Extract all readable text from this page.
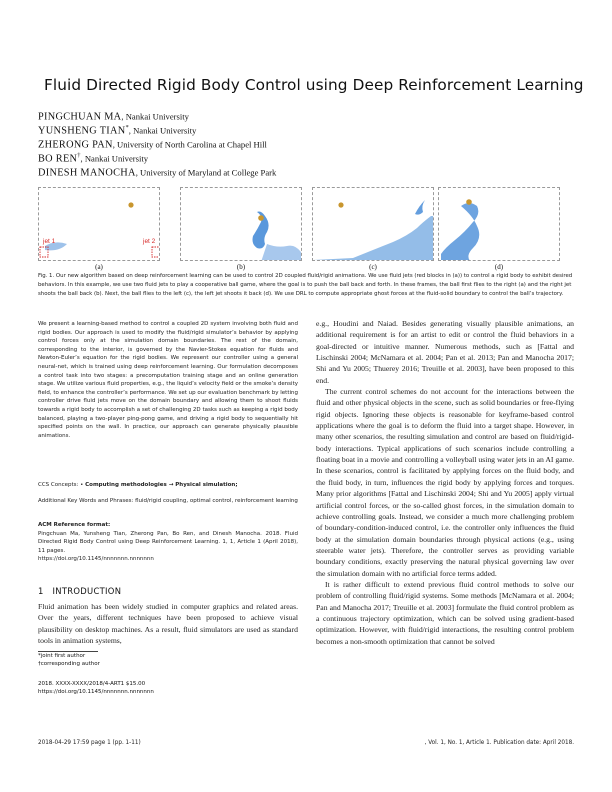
Fluid Directed Rigid Body Control using Deep Reinforcement Learning
PINGCHUAN MA, Nankai University
YUNSHENG TIAN*, Nankai University
ZHERONG PAN, University of North Carolina at Chapel Hill
BO REN†, Nankai University
DINESH MANOCHA, University of Maryland at College Park
jet 1	jet 2
(a)	(b)	(c)	(d)
Fig. 1. Our new algorithm based on deep reinforcement learning can be used to control 2D coupled fluid/rigid animations. We use fluid jets (red blocks in (a)) to control a rigid body to exhibit desired behaviors. In this example, we use two fluid jets to play a cooperative ball game, where the goal is to push the ball back and forth. In these frames, the ball first flies to the right (a) and the right jet shoots the ball back (b). Next, the ball flies to the left (c), the left jet shoots it back (d). We use DRL to compute appropriate ghost forces at the fluid-solid boundary to control the ball’s trajectory.
We present a learning-based method to control a coupled 2D system involving both fluid and rigid bodies. Our approach is used to modify the fluid/rigid simulator’s behavior by applying control forces only at the simulation domain boundaries. The rest of the domain, corresponding to the interior, is governed by the Navier-Stokes equation for fluids and Newton-Euler’s equation for the rigid bodies. We represent our controller using a general neural-net, which is trained using deep reinforcement learning. Our formulation decomposes a control task into two stages: a precomputation training stage and an online generation stage. We utilize various fluid properties, e.g., the liquid’s velocity field or the smoke’s density field, to enhance the controller’s performance. We set up our evaluation benchmark by letting controller drive fluid jets move on the domain boundary and allowing them to shoot fluids towards a rigid body to accomplish a set of challenging 2D tasks such as keeping a rigid body balanced, playing a two-player ping-pong game, and driving a rigid body to sequentially hit specified points on the wall. In practice, our approach can generate physically plausible animations.
CCS Concepts: • Computing methodologies → Physical simulation;
Additional Key Words and Phrases: fluid/rigid coupling, optimal control, reinforcement learning
ACM Reference format:
Pingchuan Ma, Yunsheng Tian, Zherong Pan, Bo Ren, and Dinesh Manocha. 2018. Fluid Directed Rigid Body Control using Deep Reinforcement Learning. 1, 1, Article 1 (April 2018), 11 pages.
https://doi.org/10.1145/nnnnnnn.nnnnnnn
1 INTRODUCTION
Fluid animation has been widely studied in computer graphics and related areas. Over the years, different techniques have been proposed to achieve visual plausibility on desktop machines. As a result, fluid simulators are used as standard tools in animation systems,
*joint first author
†corresponding author
2018. XXXX-XXXX/2018/4-ART1 $15.00
https://doi.org/10.1145/nnnnnnn.nnnnnnn

e.g., Houdini and Naiad. Besides generating visually plausible animations, an additional requirement is for an artist to edit or control the fluid behaviors in a goal-directed or intuitive manner. Numerous methods, such as [Fattal and Lischinski 2004; McNamara et al. 2004; Pan et al. 2013; Pan and Manocha 2017; Shi and Yu 2005; Thuerey 2016; Treuille et al. 2003], have been proposed to this end.

The current control schemes do not account for the interactions between the fluid and other physical objects in the scene, such as solid boundaries or free-flying rigid objects. Ignoring these objects is reasonable for keyframe-based control applications where the goal is to deform the fluid into a target shape. However, in many other scenarios, the resulting simulation and control are based on fluid/rigid-body interactions. Typical applications of such scenarios include controlling a floating boat in a movie and controlling a volleyball using water jets in an AI game. In these scenarios, control is facilitated by applying forces on the fluid body, and the fluid body, in turn, influences the rigid body by applying forces and torques. Many prior algorithms [Fattal and Lischinski 2004; Shi and Yu 2005] apply virtual artificial control forces, or the so-called ghost forces, in the simulation domain to achieve controlling goals. Instead, we consider a much more challenging problem of boundary-condition-induced control, i.e. the controller only influences the fluid body at the simulation domain boundaries through physical actions (e.g., using steerable water jets). Therefore, the controller serves as providing variable boundary conditions, exactly preserving the natural physical governing law over the simulation domain with no artificial force terms added.

It is rather difficult to extend previous fluid control methods to solve our problem of controlling fluid/rigid systems. Some methods [McNamara et al. 2004; Pan and Manocha 2017; Treuille et al. 2003] formulate the fluid control problem as a continuous trajectory optimization, which can be solved using gradient-based optimization. However, with fluid/rigid interactions, the resulting control problem becomes a non-smooth optimization that cannot be solved

2018-04-29 17:59 page 1 (pp. 1-11)	, Vol. 1, No. 1, Article 1. Publication date: April 2018.
